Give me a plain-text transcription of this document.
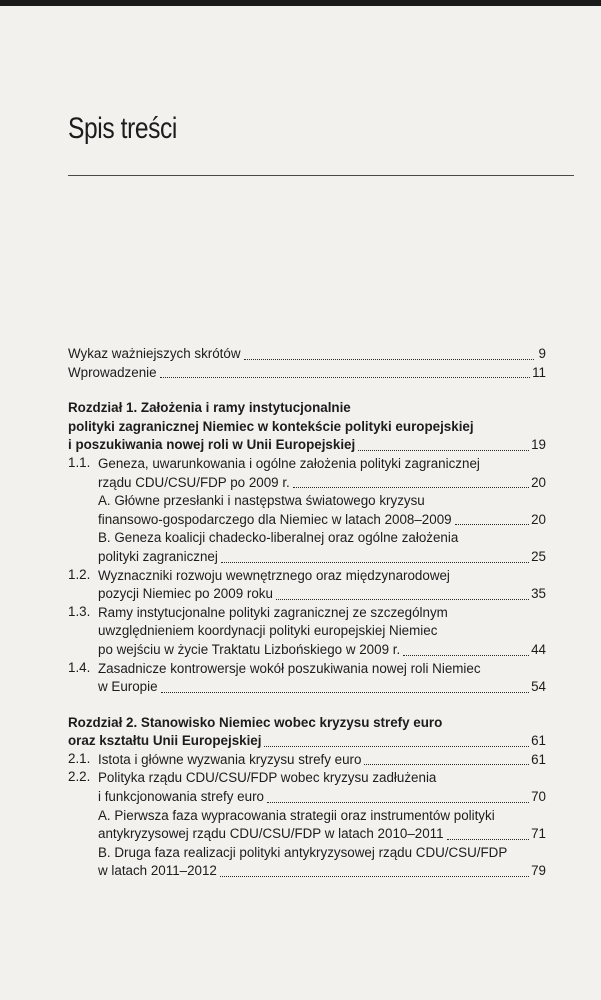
Spis treści
Wykaz ważniejszych skrótów	9
Wprowadzenie	11
Rozdział 1. Założenia i ramy instytucjonalnie
polityki zagranicznej Niemiec w kontekście polityki europejskiej
i poszukiwania nowej roli w Unii Europejskiej	19
1.1. Geneza, uwarunkowania i ogólne założenia polityki zagranicznej
rządu CDU/CSU/FDP po 2009 r.	20
A. Główne przesłanki i następstwa światowego kryzysu
finansowo-gospodarczego dla Niemiec w latach 2008–2009	20
B. Geneza koalicji chadecko-liberalnej oraz ogólne założenia
polityki zagranicznej	25
1.2. Wyznaczniki rozwoju wewnętrznego oraz międzynarodowej
pozycji Niemiec po 2009 roku	35
1.3. Ramy instytucjonalne polityki zagranicznej ze szczególnym
uwzględnieniem koordynacji polityki europejskiej Niemiec
po wejściu w życie Traktatu Lizbońskiego w 2009 r.	44
1.4. Zasadnicze kontrowersje wokół poszukiwania nowej roli Niemiec
w Europie	54
Rozdział 2. Stanowisko Niemiec wobec kryzysu strefy euro
oraz kształtu Unii Europejskiej	61
2.1. Istota i główne wyzwania kryzysu strefy euro	61
2.2. Polityka rządu CDU/CSU/FDP wobec kryzysu zadłużenia
i funkcjonowania strefy euro	70
A. Pierwsza faza wypracowania strategii oraz instrumentów polityki
antykryzysowej rządu CDU/CSU/FDP w latach 2010–2011	71
B. Druga faza realizacji polityki antykryzysowej rządu CDU/CSU/FDP
w latach 2011–2012	79
